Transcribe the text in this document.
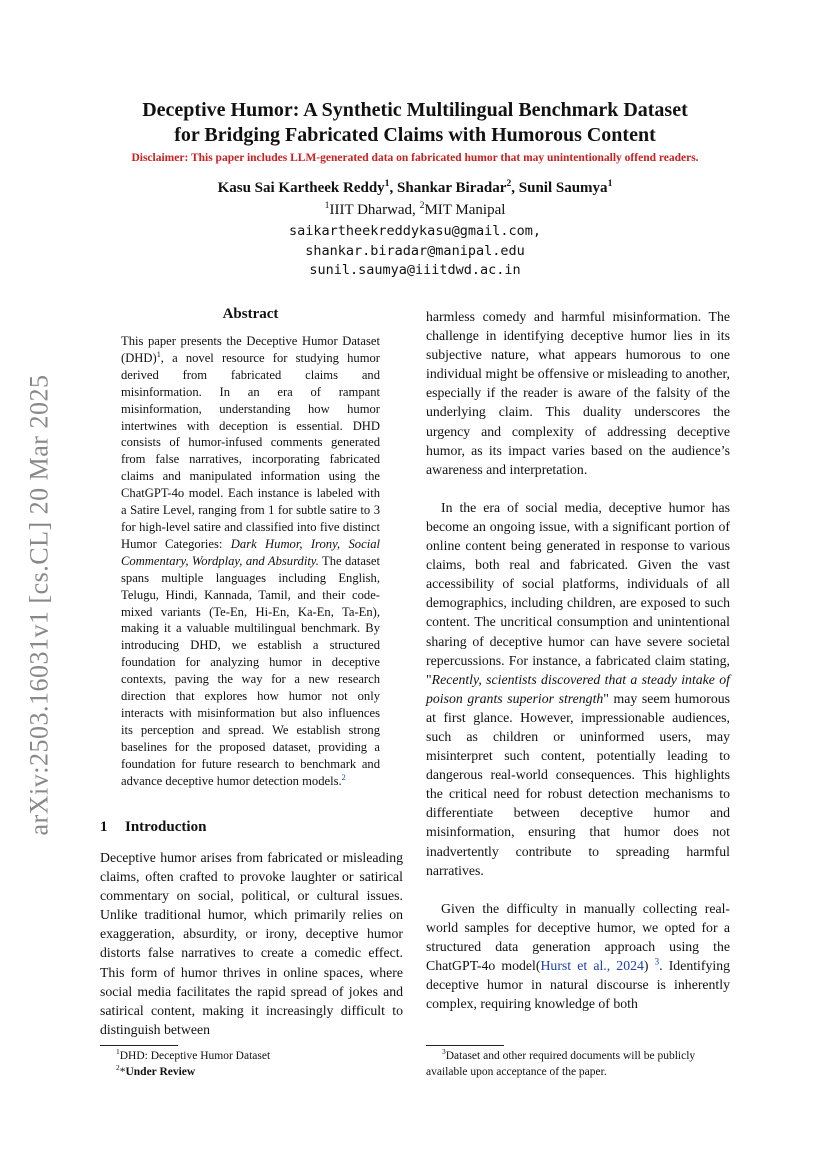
arXiv:2503.16031v1 [cs.CL] 20 Mar 2025
Deceptive Humor: A Synthetic Multilingual Benchmark Dataset
for Bridging Fabricated Claims with Humorous Content
Disclaimer: This paper includes LLM-generated data on fabricated humor that may unintentionally offend readers.
Kasu Sai Kartheek Reddy$^1$, Shankar Biradar$^2$, Sunil Saumya$^1$
$^1$IIIT Dharwad, $^2$MIT Manipal
saikartheekreddykasu@gmail.com,
shankar.biradar@manipal.edu
sunil.saumya@iiitdwd.ac.in
Abstract
This paper presents the Deceptive Humor Dataset (DHD)$^1$, a novel resource for studying humor derived from fabricated claims and misinformation. In an era of rampant misinformation, understanding how humor intertwines with deception is essential. DHD consists of humor-infused comments generated from false narratives, incorporating fabricated claims and manipulated information using the ChatGPT-4o model. Each instance is labeled with a Satire Level, ranging from 1 for subtle satire to 3 for high-level satire and classified into five distinct Humor Categories: Dark Humor, Irony, Social Commentary, Wordplay, and Absurdity. The dataset spans multiple languages including English, Telugu, Hindi, Kannada, Tamil, and their code-mixed variants (Te-En, Hi-En, Ka-En, Ta-En), making it a valuable multilingual benchmark. By introducing DHD, we establish a structured foundation for analyzing humor in deceptive contexts, paving the way for a new research direction that explores how humor not only interacts with misinformation but also influences its perception and spread. We establish strong baselines for the proposed dataset, providing a foundation for future research to benchmark and advance deceptive humor detection models.$^2$
1 Introduction
Deceptive humor arises from fabricated or misleading claims, often crafted to provoke laughter or satirical commentary on social, political, or cultural issues. Unlike traditional humor, which primarily relies on exaggeration, absurdity, or irony, deceptive humor distorts false narratives to create a comedic effect. This form of humor thrives in online spaces, where social media facilitates the rapid spread of jokes and satirical content, making it increasingly difficult to distinguish between

harmless comedy and harmful misinformation. The challenge in identifying deceptive humor lies in its subjective nature, what appears humorous to one individual might be offensive or misleading to another, especially if the reader is aware of the falsity of the underlying claim. This duality underscores the urgency and complexity of addressing deceptive humor, as its impact varies based on the audience’s awareness and interpretation.

In the era of social media, deceptive humor has become an ongoing issue, with a significant portion of online content being generated in response to various claims, both real and fabricated. Given the vast accessibility of social platforms, individuals of all demographics, including children, are exposed to such content. The uncritical consumption and unintentional sharing of deceptive humor can have severe societal repercussions. For instance, a fabricated claim stating, "Recently, scientists discovered that a steady intake of poison grants superior strength" may seem humorous at first glance. However, impressionable audiences, such as children or uninformed users, may misinterpret such content, potentially leading to dangerous real-world consequences. This highlights the critical need for robust detection mechanisms to differentiate between deceptive humor and misinformation, ensuring that humor does not inadvertently contribute to spreading harmful narratives.

Given the difficulty in manually collecting real-world samples for deceptive humor, we opted for a structured data generation approach using the ChatGPT-4o model(Hurst et al., 2024) $^3$. Identifying deceptive humor in natural discourse is inherently complex, requiring knowledge of both

$^1$DHD: Deceptive Humor Dataset
$^2$*Under Review
$^3$Dataset and other required documents will be publicly available upon acceptance of the paper.
